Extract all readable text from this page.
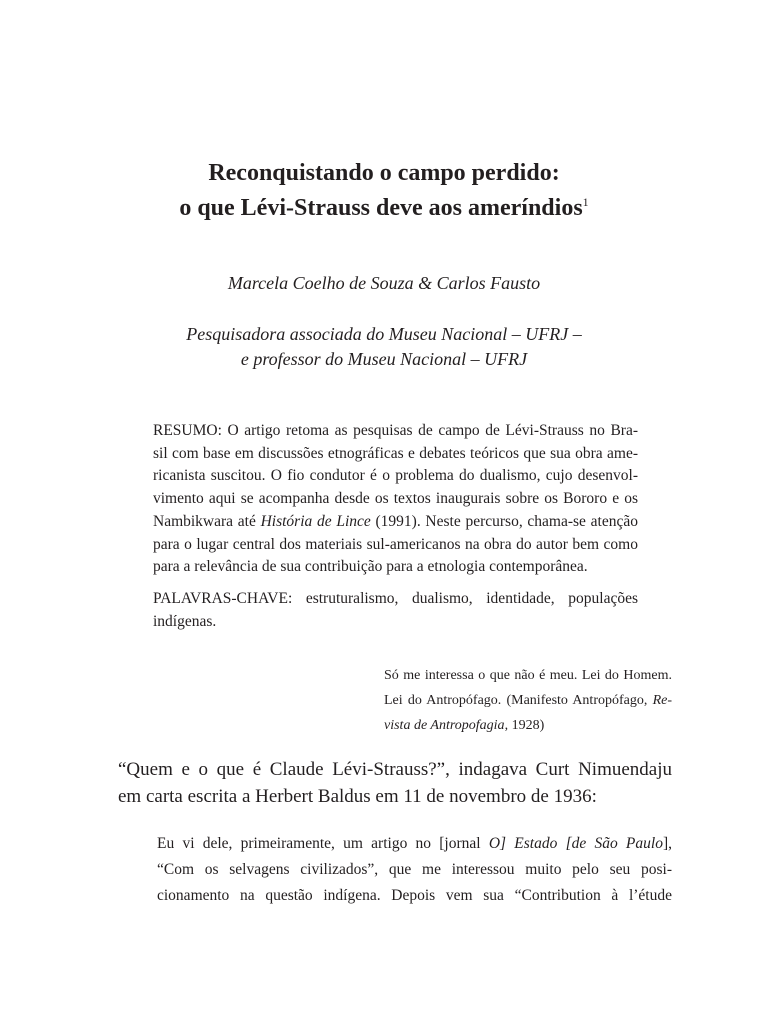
Reconquistando o campo perdido:
o que Lévi-Strauss deve aos ameríndios$^1$

Marcela Coelho de Souza & Carlos Fausto

Pesquisadora associada do Museu Nacional – UFRJ –
e professor do Museu Nacional – UFRJ

RESUMO: O artigo retoma as pesquisas de campo de Lévi-Strauss no Bra-
sil com base em discussões etnográficas e debates teóricos que sua obra ame-
ricanista suscitou. O fio condutor é o problema do dualismo, cujo desenvol-
vimento aqui se acompanha desde os textos inaugurais sobre os Bororo e os
Nambikwara até História de Lince (1991). Neste percurso, chama-se atenção
para o lugar central dos materiais sul-americanos na obra do autor bem como
para a relevância de sua contribuição para a etnologia contemporânea.

PALAVRAS-CHAVE: estruturalismo, dualismo, identidade, populações
indígenas.

Só me interessa o que não é meu. Lei do Homem.
Lei do Antropófago. (Manifesto Antropófago, Re-
vista de Antropofagia, 1928)

“Quem e o que é Claude Lévi-Strauss?”, indagava Curt Nimuendaju
em carta escrita a Herbert Baldus em 11 de novembro de 1936:

Eu vi dele, primeiramente, um artigo no [jornal O] Estado [de São Paulo],
“Com os selvagens civilizados”, que me interessou muito pelo seu posi-
cionamento na questão indígena. Depois vem sua “Contribution à l’étude
